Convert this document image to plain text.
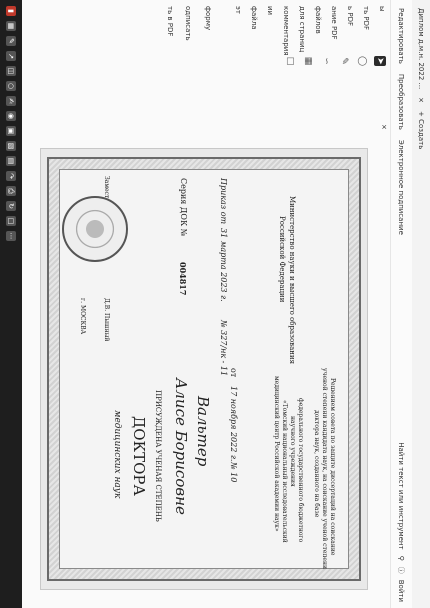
Диплом д.м.н. 2022 ...
×
+ Создать
Редактировать
Преобразовать
Электронное подписание
Найти текст или инструмент
⚲
ⓘ
Войти
×
ы
ть PDF
ь PDF
ание PDF
файлов
для страниц
комментария
ии
файла
эт
форму
одписать
ть в PDF
➤
◯
✎
∽
▦
□
Министерство науки и высшего образования
Российской Федерации
Приказ от
31 марта 2023 г.
№ 327/нк - 11
Серия ДОК №
004817
Решением совета по защите диссертаций на соискание
ученой степени кандидата наук, на соискание ученой степени
доктора наук, созданного на базе
федерального государственного бюджетного
научного учреждения
«Томский национальный исследовательский
медицинский центр Российской академии наук»
от
17 ноября 2022 г.
№ 10
Вальтер
Алисе Борисовне
ПРИСУЖДЕНА УЧЕНАЯ СТЕПЕНЬ
ДОКТОРА
медицинских наук
Д.В. Пышный
г. МОСКВА
▮
▦
✎
↗
◫
○
✍
◉
▣
▧
▤
↷
⎙
↻
□
⋯
